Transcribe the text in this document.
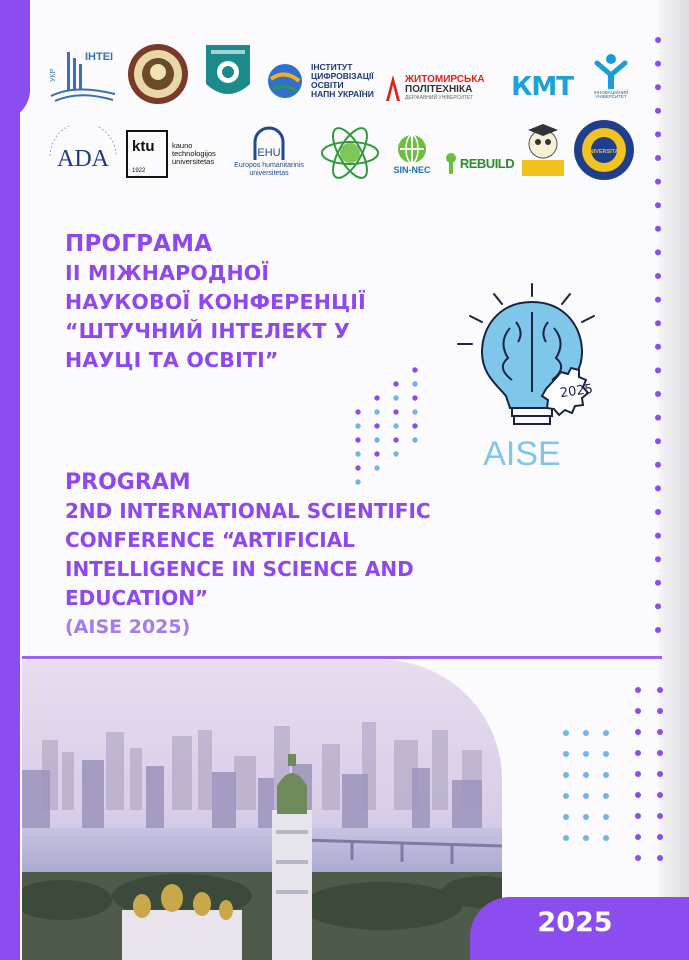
УКР
ІНТЕІ
ІНСТИТУТ
ЦИФРОВІЗАЦІЇ
ОСВІТИ
НАПН УКРАЇНИ
ЖИТОМИРСЬКА
ПОЛІТЕХНІКА
ДЕРЖАВНИЙ УНІВЕРСИТЕТ	КМТ	ІННОВАЦІЙНИЙ УНІВЕРСИТЕТ
ADA ktu
1922
kauno
technologijos
universitetas
EHU
Europos humanitarinis
universitetas	SIN-NEC REBUILD
UNIVERSITAS
ПРОГРАМА
ІІ МІЖНАРОДНОЇ
НАУКОВОЇ КОНФЕРЕНЦІЇ
“ШТУЧНИЙ ІНТЕЛЕКТ У
НАУЦІ ТА ОСВІТІ”
2025
AISE
PROGRAM
2ND INTERNATIONAL SCIENTIFIC
CONFERENCE “ARTIFICIAL
INTELLIGENCE IN SCIENCE AND
EDUCATION”
(AISE 2025)
2025
